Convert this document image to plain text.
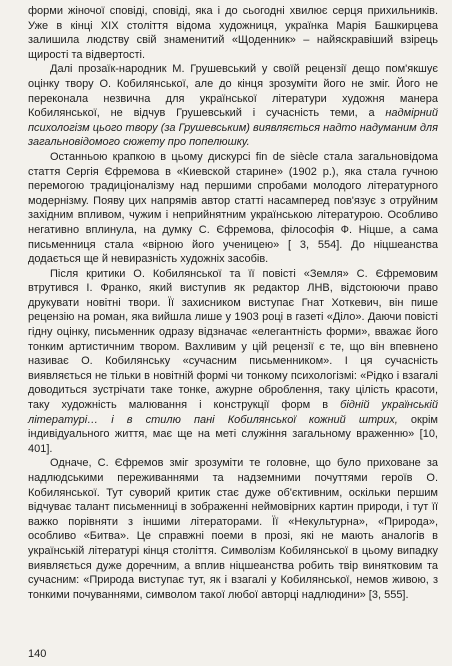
форми жіночої сповіді, сповіді, яка і до сьогодні хвилює серця прихильників. Уже в кінці XIX століття відома художниця, українка Марія Башкирцева залишила людству свій знаменитий «Щоденник» – найяскравіший взірець щирості та відвертості.

Далі прозаїк-народник М. Грушевський у своїй рецензії дещо пом'якшує оцінку твору О. Кобилянської, але до кінця зрозуміти його не зміг. Його не переконала незвична для української літератури художня манера Кобилянської, не відчув Грушевський і сучасність теми, а надмірний психологізм цього твору (за Грушевським) виявляється надто надуманим для загальновідомого сюжету про попелюшку.

Останньою крапкою в цьому дискурсі fin de siècle стала загальновідома стаття Сергія Єфремова в «Киевской старине» (1902 р.), яка стала гучною перемогою традиціоналізму над першими спробами молодого літературного модернізму. Появу цих напрямів автор статті насамперед пов'язує з отруйним західним впливом, чужим і неприйнятним українською літературою. Особливо негативно вплинула, на думку С. Єфремова, філософія Ф. Ніцше, а сама письменниця стала «вірною його ученицею» [ 3, 554]. До ніцшеанства додається ще й невиразність художніх засобів.

Після критики О. Кобилянської та її повісті «Земля» С. Єфремовим втрутився І. Франко, який виступив як редактор ЛНВ, відстоюючи право друкувати новітні твори. Її захисником виступає Гнат Хоткевич, він пише рецензію на роман, яка вийшла лише у 1903 році в газеті «Діло». Даючи повісті гідну оцінку, письменник одразу відзначає «елегантність форми», вважає його тонким артистичним твором. Вахливим у цій рецензії є те, що він впевнено називає О. Кобилянську «сучасним письменником». І ця сучасність виявляється не тільки в новітній формі чи тонкому психологізмі: «Рідко і взагалі доводиться зустрічати таке тонке, ажурне оброблення, таку цілість красоти, таку художність малювання і конструкції форм в бідній українській літературі… і в стилю пані Кобилянської кожний штрих, окрім індивідуального життя, має ще на меті служіння загальному враженню» [10, 401].

Одначе, С. Єфремов зміг зрозуміти те головне, що було приховане за надлюдськими переживаннями та надземними почуттями героїв О. Кобилянської. Тут суворий критик стає дуже об'єктивним, оскільки першим відчуває талант письменниці в зображенні неймовірних картин природи, і тут її важко порівняти з іншими літераторами. Її «Некультурна», «Природа», особливо «Битва». Це справжні поеми в прозі, які не мають аналогів в українській літературі кінця століття. Символізм Кобилянської в цьому випадку виявляється дуже доречним, а вплив ніцшеанства робить твір винятковим та сучасним: «Природа виступає тут, як і взагалі у Кобилянської, немов живою, з тонкими почуваннями, символом такої любої авторці надлюдини» [3, 555].

140
